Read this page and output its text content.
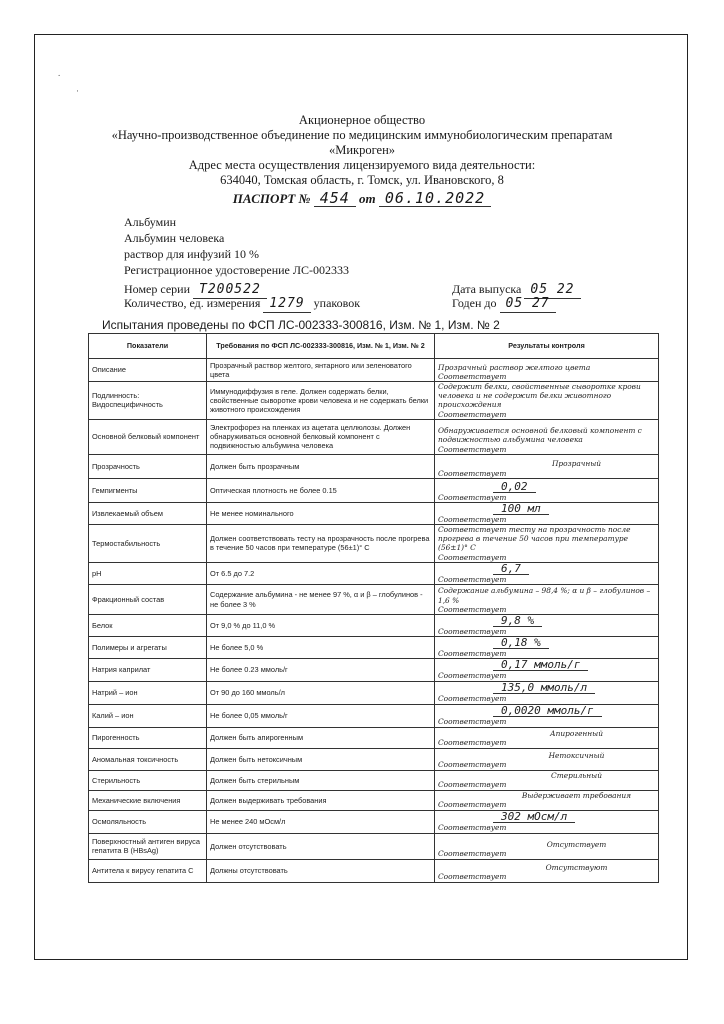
.
·
Акционерное общество
«Научно-производственное объединение по медицинским иммунобиологическим препаратам
«Микроген»
Адрес места осуществления лицензируемого вида деятельности:
634040, Томская область, г. Томск, ул. Ивановского, 8
ПАСПОРТ № 454 от 06.10.2022
Альбумин
Альбумин человека
раствор для инфузий 10 %
Регистрационное удостоверение ЛС-002333
Номер серии Т200522
Количество, ед. измерения 1279 упаковок
Дата выпуска 05 22
Годен до 05 27
Испытания проведены по ФСП ЛС-002333-300816, Изм. № 1, Изм. № 2
Показатели	Требования по ФСП ЛС-002333-300816, Изм. № 1, Изм. № 2	Результаты контроля
Описание	Прозрачный раствор желтого, янтарного или зеленоватого цвета	Прозрачный раствор желтого цвета
Соответствует

Подлинность: Видоспецифичность	Иммунодиффузия в геле. Должен содержать белки, свойственные сыворотке крови человека и не содержать белки животного происхождения	Содержит белки, свойственные сыворотке крови человека и не содержит белки животного происхождения
Соответствует

Основной белковый компонент	Электрофорез на пленках из ацетата целлюлозы. Должен обнаруживаться основной белковый компонент с подвижностью альбумина человека	Обнаруживается основной белковый компонент с подвижностью альбумина человека
Соответствует

Прозрачность	Должен быть прозрачным	Прозрачный
Соответствует

Гемпигменты	Оптическая плотность не более 0.15	0,02
Соответствует

Извлекаемый объем	Не менее номинального	100 мл
Соответствует

Термостабильность	Должен соответствовать тесту на прозрачность после прогрева в течение 50 часов при температуре (56±1)° С	Соответствует тесту на прозрачность после прогрева в течение 50 часов при температуре (56±1)° С
Соответствует

pH	От 6.5 до 7.2	6,7
Соответствует

Фракционный состав	Содержание альбумина - не менее 97 %, α и β – глобулинов - не более 3 %	Содержание альбумина – 98,4 %; α и β – глобулинов – 1,6 %
Соответствует

Белок	От 9,0 % до 11,0 %	9,8 %
Соответствует

Полимеры и агрегаты	Не более 5,0 %	0,18 %
Соответствует

Натрия каприлат	Не более 0.23 ммоль/г	0,17 ммоль/г
Соответствует

Натрий – ион	От 90 до 160 ммоль/л	135,0 ммоль/л
Соответствует

Калий – ион	Не более 0,05 ммоль/г	0,0020 ммоль/г
Соответствует

Пирогенность	Должен быть апирогенным	Апирогенный
Соответствует

Аномальная токсичность	Должен быть нетоксичным	Нетоксичный
Соответствует

Стерильность	Должен быть стерильным	Стерильный
Соответствует

Механические включения	Должен выдерживать требования	Выдерживает требования
Соответствует

Осмоляльность	Не менее 240 мОсм/л	302 мОсм/л
Соответствует

Поверхностный антиген вируса гепатита В (HBsAg)	Должен отсутствовать	Отсутствует
Соответствует

Антитела к вирусу гепатита С	Должны отсутствовать	Отсутствуют
Соответствует
